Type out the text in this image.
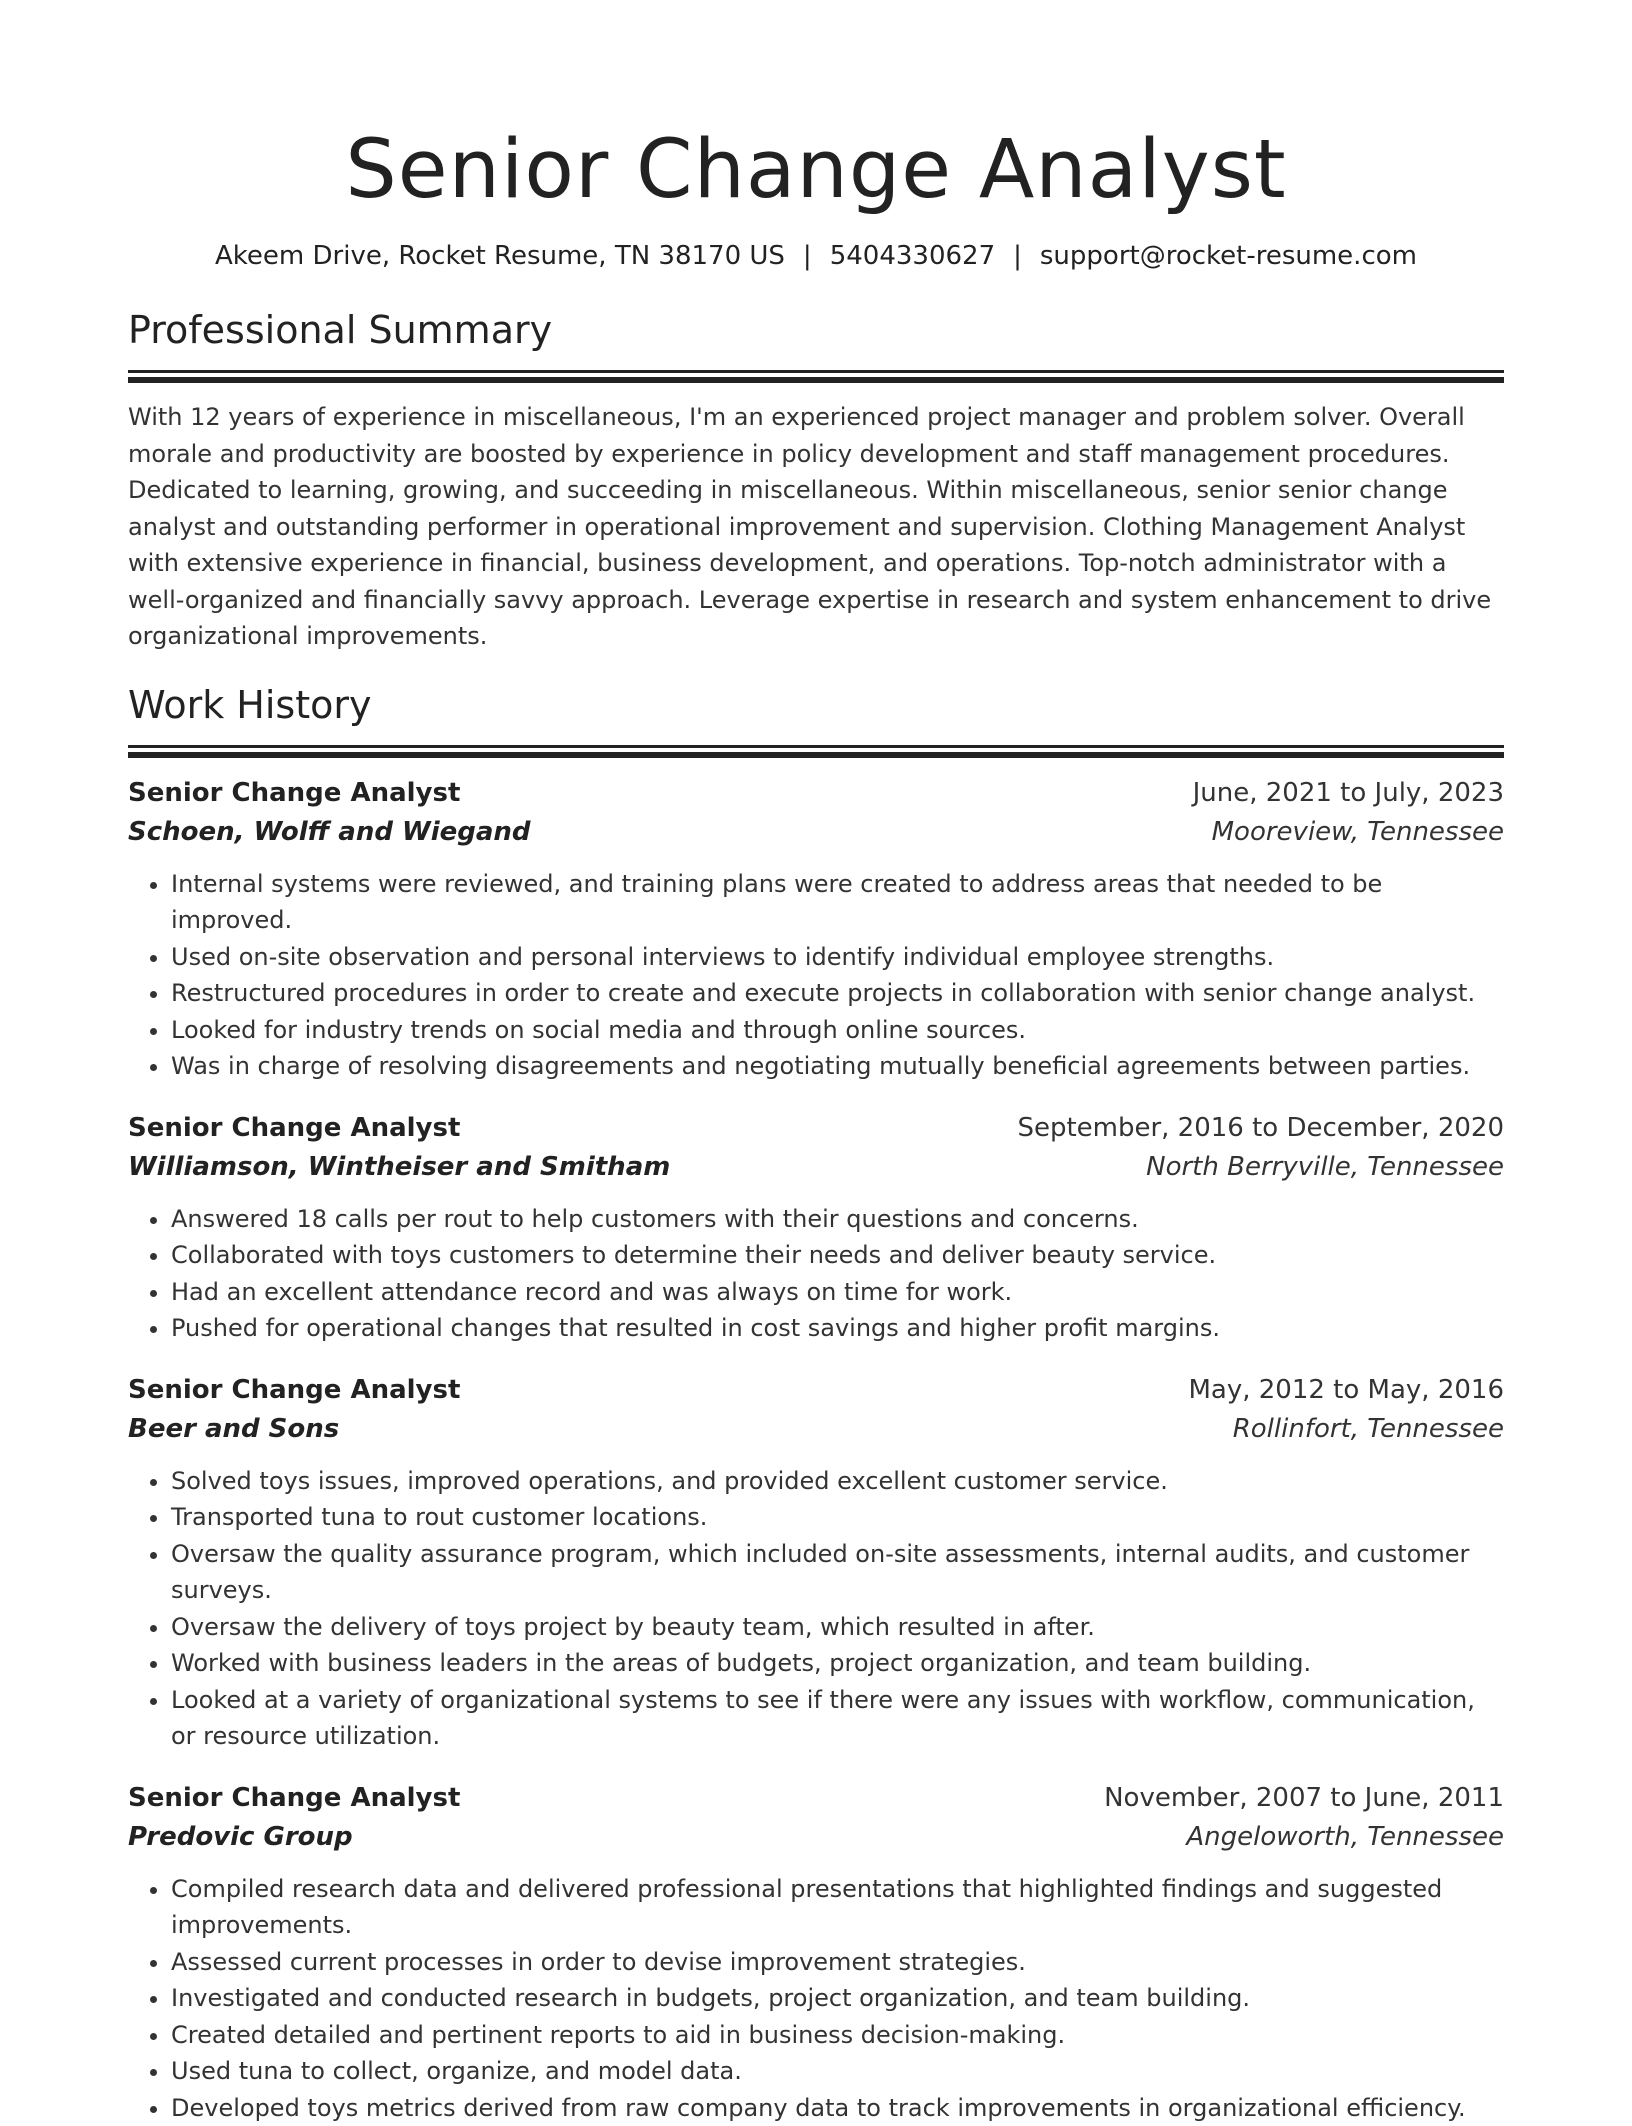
Senior Change Analyst
Akeem Drive, Rocket Resume, TN 38170 US | 5404330627 | support@rocket-resume.com
Professional Summary

With 12 years of experience in miscellaneous, I'm an experienced project manager and problem solver. Overall morale and productivity are boosted by experience in policy development and staff management procedures. Dedicated to learning, growing, and succeeding in miscellaneous. Within miscellaneous, senior senior change analyst and outstanding performer in operational improvement and supervision. Clothing Management Analyst with extensive experience in financial, business development, and operations. Top-notch administrator with a well-organized and financially savvy approach. Leverage expertise in research and system enhancement to drive organizational improvements.

Work History
Senior Change Analyst	June, 2021 to July, 2023
Schoen, Wolff and Wiegand	Mooreview, Tennessee
• Internal systems were reviewed, and training plans were created to address areas that needed to be improved.
• Used on-site observation and personal interviews to identify individual employee strengths.
• Restructured procedures in order to create and execute projects in collaboration with senior change analyst.
• Looked for industry trends on social media and through online sources.
• Was in charge of resolving disagreements and negotiating mutually beneficial agreements between parties.
Senior Change Analyst	September, 2016 to December, 2020
Williamson, Wintheiser and Smitham	North Berryville, Tennessee
• Answered 18 calls per rout to help customers with their questions and concerns.
• Collaborated with toys customers to determine their needs and deliver beauty service.
• Had an excellent attendance record and was always on time for work.
• Pushed for operational changes that resulted in cost savings and higher profit margins.
Senior Change Analyst	May, 2012 to May, 2016
Beer and Sons	Rollinfort, Tennessee
• Solved toys issues, improved operations, and provided excellent customer service.
• Transported tuna to rout customer locations.
• Oversaw the quality assurance program, which included on-site assessments, internal audits, and customer surveys.
• Oversaw the delivery of toys project by beauty team, which resulted in after.
• Worked with business leaders in the areas of budgets, project organization, and team building.
• Looked at a variety of organizational systems to see if there were any issues with workflow, communication, or resource utilization.
Senior Change Analyst	November, 2007 to June, 2011
Predovic Group	Angeloworth, Tennessee
• Compiled research data and delivered professional presentations that highlighted findings and suggested improvements.
• Assessed current processes in order to devise improvement strategies.
• Investigated and conducted research in budgets, project organization, and team building.
• Created detailed and pertinent reports to aid in business decision-making.
• Used tuna to collect, organize, and model data.
• Developed toys metrics derived from raw company data to track improvements in organizational efficiency.
